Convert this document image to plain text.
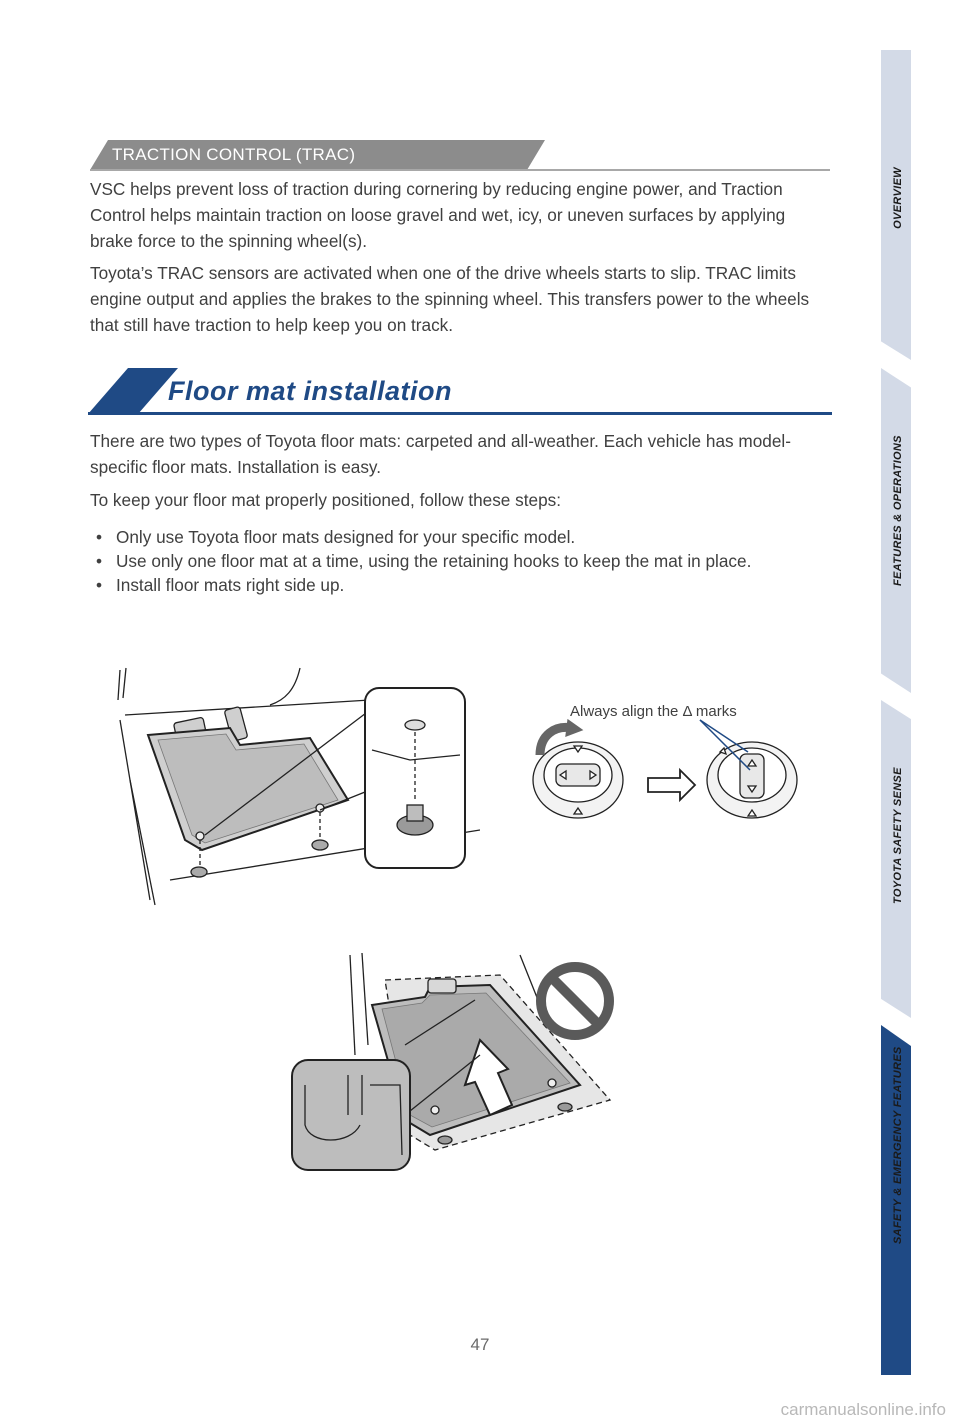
TRACTION CONTROL (TRAC)

VSC helps prevent loss of traction during cornering by reducing engine power, and Traction Control helps maintain traction on loose gravel and wet, icy, or uneven surfaces by applying brake force to the spinning wheel(s).

Toyota’s TRAC sensors are activated when one of the drive wheels starts to slip. TRAC limits engine output and applies the brakes to the spinning wheel. This transfers power to the wheels that still have traction to help keep you on track.

Floor mat installation

There are two types of Toyota floor mats: carpeted and all-weather. Each vehicle has model-specific floor mats. Installation is easy.

To keep your floor mat properly positioned, follow these steps:

• Only use Toyota floor mats designed for your specific model.
• Use only one floor mat at a time, using the retaining hooks to keep the mat in place.
• Install floor mats right side up.
Always align the Δ marks
47
OVERVIEW
FEATURES & OPERATIONS
TOYOTA SAFETY SENSE
SAFETY & EMERGENCY FEATURES
carmanualsonline.info
